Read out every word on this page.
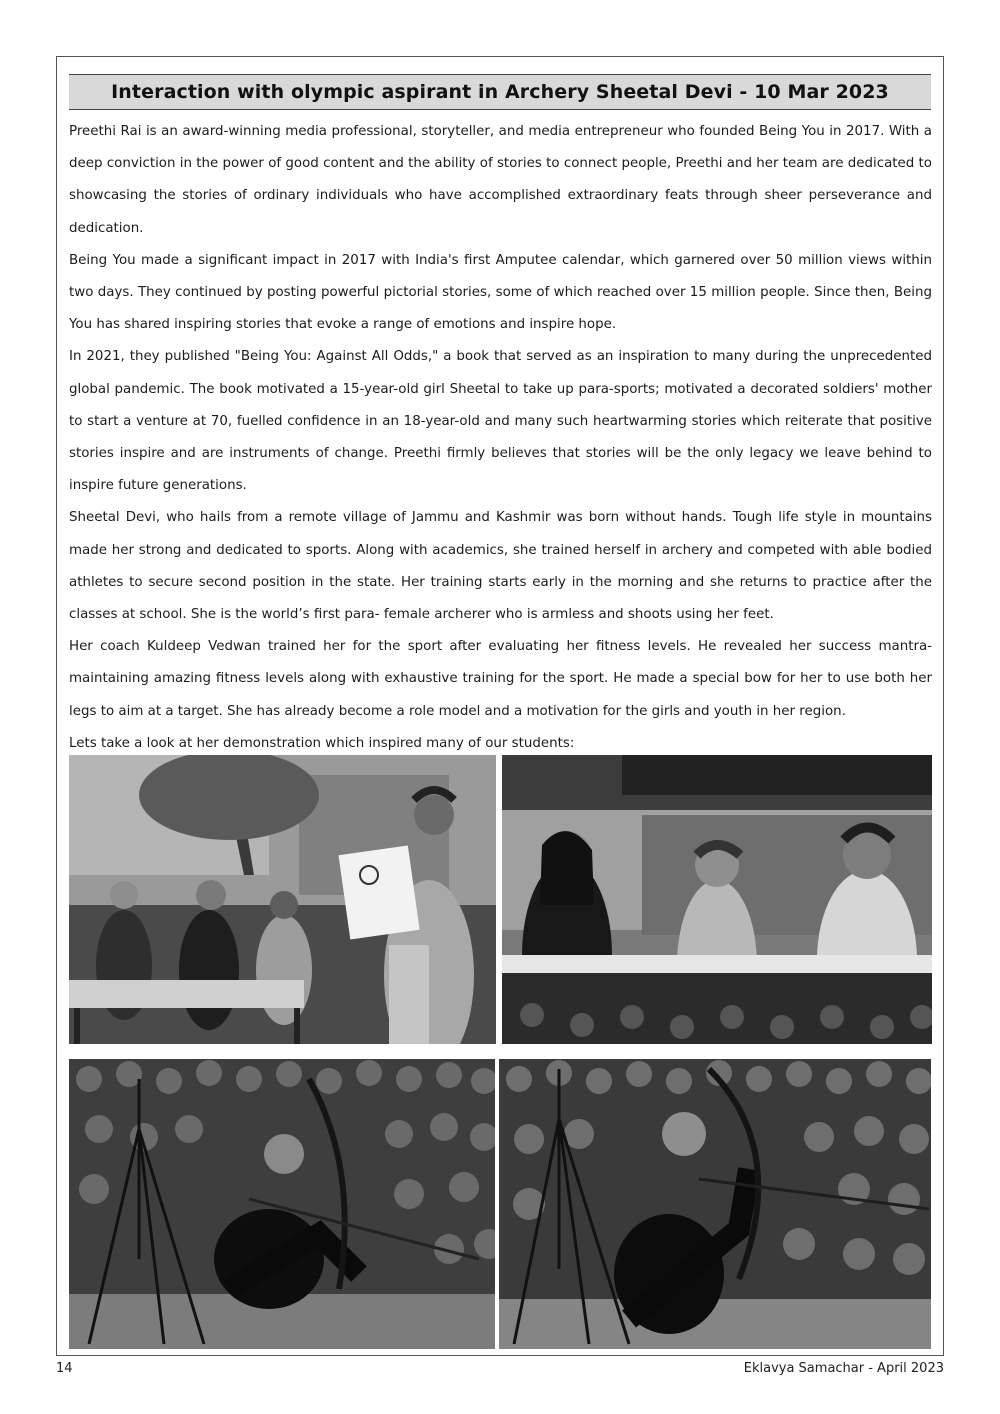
Interaction with olympic aspirant in Archery Sheetal Devi - 10 Mar 2023

Preethi Rai is an award-winning media professional, storyteller, and media entrepreneur who founded Being You in 2017. With a deep conviction in the power of good content and the ability of stories to connect people, Preethi and her team are dedicated to showcasing the stories of ordinary individuals who have accomplished extraordinary feats through sheer perseverance and dedication.

Being You made a significant impact in 2017 with India's first Amputee calendar, which garnered over 50 million views within two days. They continued by posting powerful pictorial stories, some of which reached over 15 million people. Since then, Being You has shared inspiring stories that evoke a range of emotions and inspire hope.

In 2021, they published "Being You: Against All Odds," a book that served as an inspiration to many during the unprecedented global pandemic. The book motivated a 15-year-old girl Sheetal to take up para-sports; motivated a decorated soldiers' mother to start a venture at 70, fuelled confidence in an 18-year-old and many such heartwarming stories which reiterate that positive stories inspire and are instruments of change. Preethi firmly believes that stories will be the only legacy we leave behind to inspire future generations.

Sheetal Devi, who hails from a remote village of Jammu and Kashmir was born without hands. Tough life style in mountains made her strong and dedicated to sports. Along with academics, she trained herself in archery and competed with able bodied athletes to secure second position in the state. Her training starts early in the morning and she returns to practice after the classes at school. She is the world’s first para- female archerer who is armless and shoots using her feet.

Her coach Kuldeep Vedwan trained her for the sport after evaluating her fitness levels. He revealed her success mantra- maintaining amazing fitness levels along with exhaustive training for the sport. He made a special bow for her to use both her legs to aim at a target. She has already become a role model and a motivation for the girls and youth in her region.

Lets take a look at her demonstration which inspired many of our students:

14	Eklavya Samachar - April 2023
